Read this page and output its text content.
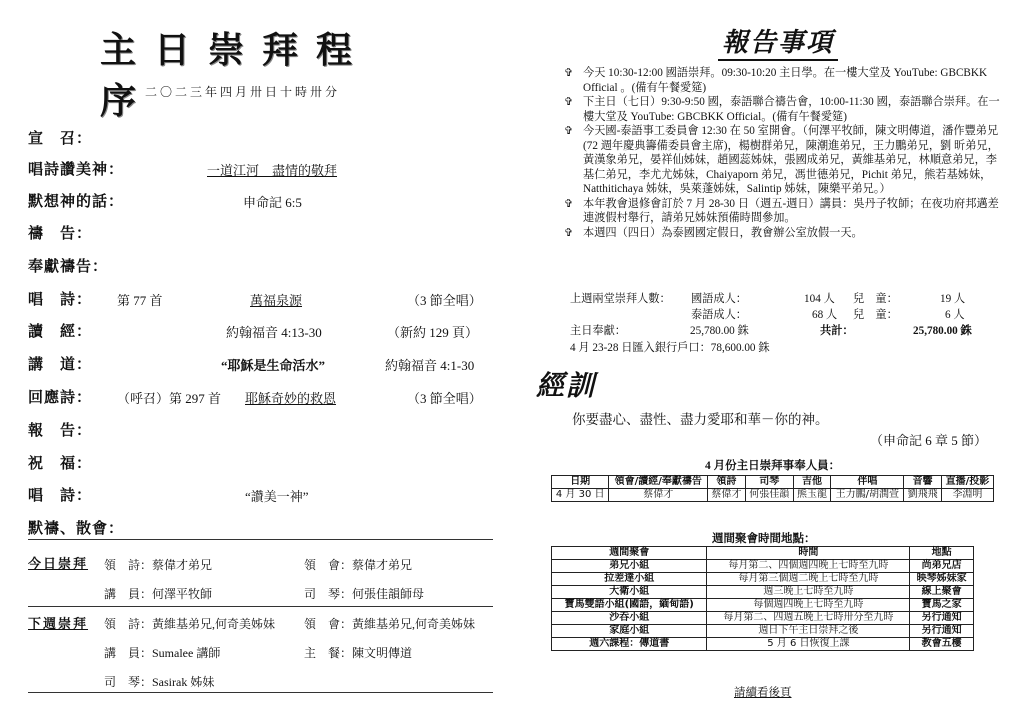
主日崇拜程序
二〇二三年四月卅日十時卅分
宣　召：
唱詩讚美神：	一道江河　盡情的敬拜
默想神的話：	申命記 6:5
禱　告：
奉獻禱告：
唱　詩： 第 77 首	萬福泉源	（3 節全唱）
讀　經：	約翰福音 4:13-30	（新約 129 頁）
講　道：	“耶穌是生命活水”	約翰福音 4:1-30
回應詩： （呼召）第 297 首 耶穌奇妙的救恩	（3 節全唱）
報　告：
祝　福：
唱　詩：	“讚美一神”
默禱、散會：
今日崇拜 領　詩：蔡偉才弟兄	領　會：蔡偉才弟兄
講　員：何澤平牧師	司　琴：何張佳韻師母
下週崇拜 領　詩：黃維基弟兄,何奇美姊妹 領　會：黃維基弟兄,何奇美姊妹
講　員：Sumalee 講師	主　餐：陳文明傳道
司　琴：Sasirak 姊妹
報告事項
✞ 今天 10:30-12:00 國語崇拜。09:30-10:20 主日學。在一樓大堂及 YouTube: GBCBKK Official 。(備有午餐愛筵)
✞ 下主日（七日）9:30-9:50 國，泰語聯合禱告會，10:00-11:30 國，泰語聯合崇拜。在一樓大堂及 YouTube: GBCBKK Official。(備有午餐愛筵)
✞ 今天國-泰語事工委員會 12:30 在 50 室開會。（何澤平牧師，陳文明傳道，潘作豐弟兄(72 週年慶典籌備委員會主席)，楊樹群弟兄，陳潮進弟兄，王力鵬弟兄，劉 昕弟兄，黃漢象弟兄，晏祥仙姊妹，趙國蕊姊妹，張國成弟兄，黃維基弟兄，林順意弟兄，李基仁弟兄，李尤尤姊妹，Chaiyaporn 弟兄，馮世德弟兄，Pichit 弟兄，熊若基姊妹，Natthitichaya 姊妹，吳萊蓬姊妹，Salintip 姊妹，陳樂平弟兄。）
✞ 本年教會退修會訂於 7 月 28-30 日（週五-週日）講員：吳丹子牧師；在夜功府邦邁差連渡假村舉行，請弟兄姊妹預備時間參加。
✞ 本週四（四日）為泰國國定假日，教會辦公室放假一天。
上週兩堂崇拜人數： 國語成人：	104 人 兒　童：	19 人
泰語成人：	68 人 兒　童：	6 人
主日奉獻：	25,780.00 銖	共計：	25,780.00 銖
4 月 23-28 日匯入銀行戶口：78,600.00 銖
經訓
你要盡心、盡性、盡力愛耶和華－你的神。
（申命記 6 章 5 節）
4 月份主日崇拜事奉人員：
日期	領會/讀經/奉獻禱告	領詩	司琴	吉他	伴唱	音響	直播/投影
4 月 30 日	蔡偉才	蔡偉才	何張佳韻	熊玉龍	王力鵬/胡潤萱	劉飛飛	李淵明
週間聚會時間地點：
週間聚會	時間	地點
弟兄小組	每月第二、四個週四晚上七時至九時	尚弟兄店
拉差達小組	每月第三個週二晚上七時至九時	映琴姊妹家
大衛小組	週三晚上七時至九時	線上聚會
寶馬雙語小組(國語，緬甸語)	每個週四晚上七時至九時	寶馬之家
沙吞小組	每月第二、四週五晚上七時卅分至九時	另行通知
家庭小組	週日下午主日崇拜之後	另行通知
週六課程：傳道書	5 月 6 日恢復上課	教會五樓
請續看後頁
